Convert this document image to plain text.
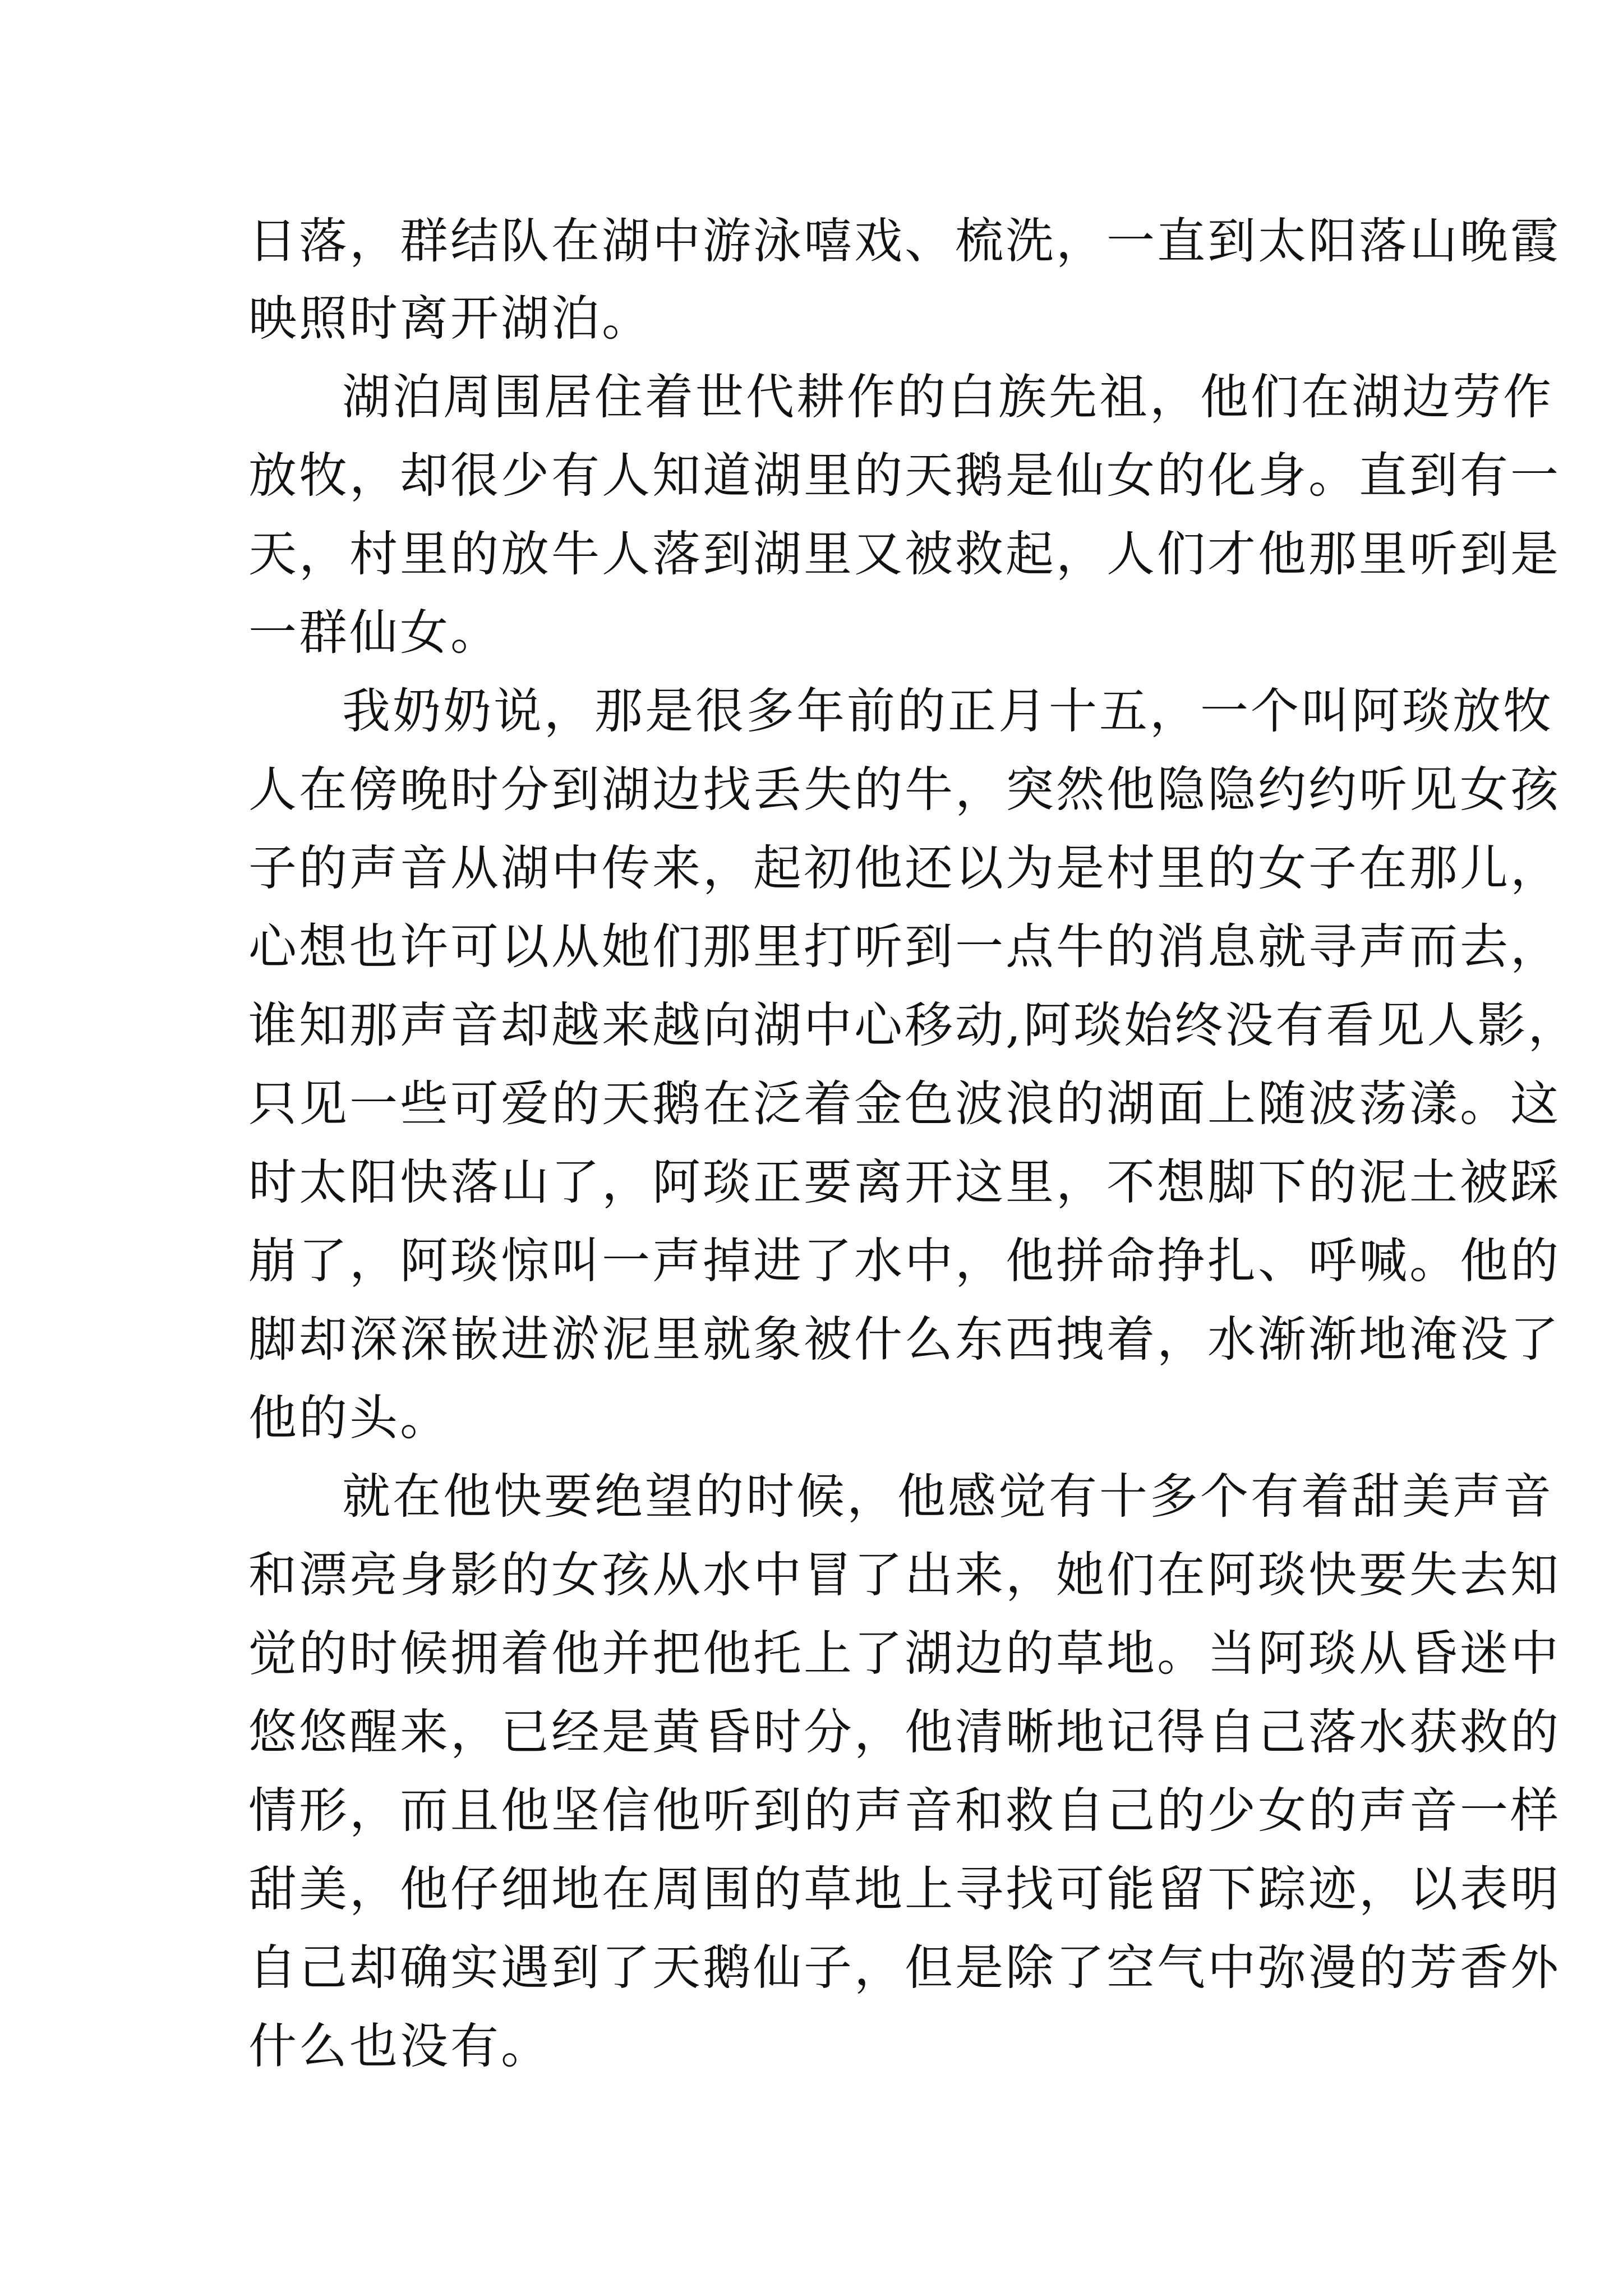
日落，群结队在湖中游泳嘻戏、梳洗，一直到太阳落山晚霞

映照时离开湖泊。

湖泊周围居住着世代耕作的白族先祖，他们在湖边劳作

放牧，却很少有人知道湖里的天鹅是仙女的化身。直到有一

天，村里的放牛人落到湖里又被救起，人们才他那里听到是

一群仙女。

我奶奶说，那是很多年前的正月十五，一个叫阿琰放牧

人在傍晚时分到湖边找丢失的牛，突然他隐隐约约听见女孩

子的声音从湖中传来，起初他还以为是村里的女子在那儿，

心想也许可以从她们那里打听到一点牛的消息就寻声而去，

谁知那声音却越来越向湖中心移动,阿琰始终没有看见人影，

只见一些可爱的天鹅在泛着金色波浪的湖面上随波荡漾。这

时太阳快落山了，阿琰正要离开这里，不想脚下的泥土被踩

崩了，阿琰惊叫一声掉进了水中，他拼命挣扎、呼喊。他的

脚却深深嵌进淤泥里就象被什么东西拽着，水渐渐地淹没了

他的头。

就在他快要绝望的时候，他感觉有十多个有着甜美声音

和漂亮身影的女孩从水中冒了出来，她们在阿琰快要失去知

觉的时候拥着他并把他托上了湖边的草地。当阿琰从昏迷中

悠悠醒来，已经是黄昏时分，他清晰地记得自己落水获救的

情形，而且他坚信他听到的声音和救自己的少女的声音一样

甜美，他仔细地在周围的草地上寻找可能留下踪迹，以表明

自己却确实遇到了天鹅仙子，但是除了空气中弥漫的芳香外

什么也没有。
